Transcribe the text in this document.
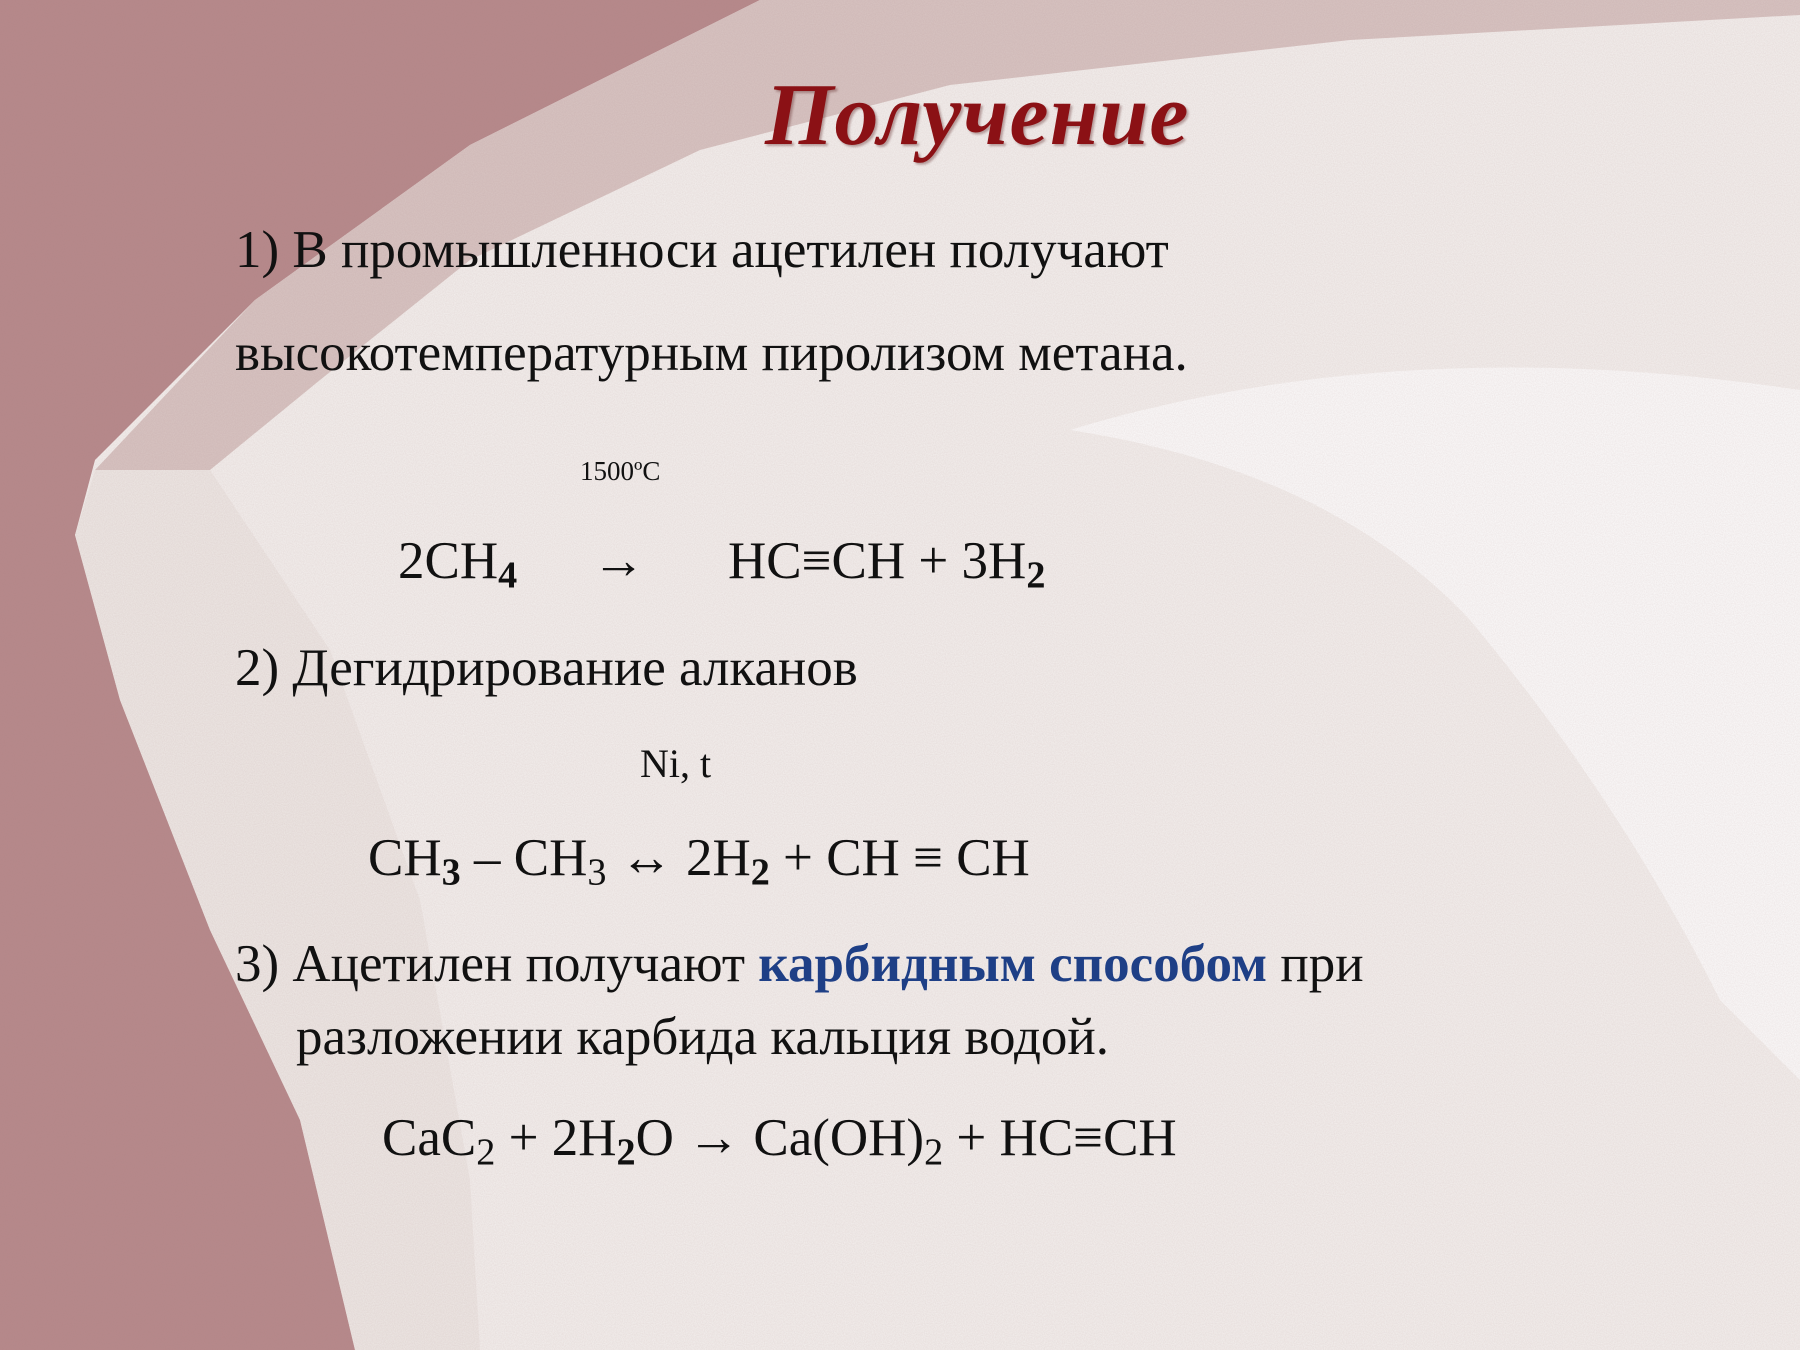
Получение
1) В промышленноси ацетилен получают
высокотемпературным пиролизом метана.
1500ºС
2СН4 → НС≡СН + 3Н2
2) Дегидрирование алканов
Ni, t
$CH3 - CH_3$ ↔ 2H2 + CH ≡ CH
3) Ацетилен получают карбидным способом при
разложении карбида кальция водой.
$CaC_2 + 2H2O \to Ca(OH)_2 + HC\equiv CH$
